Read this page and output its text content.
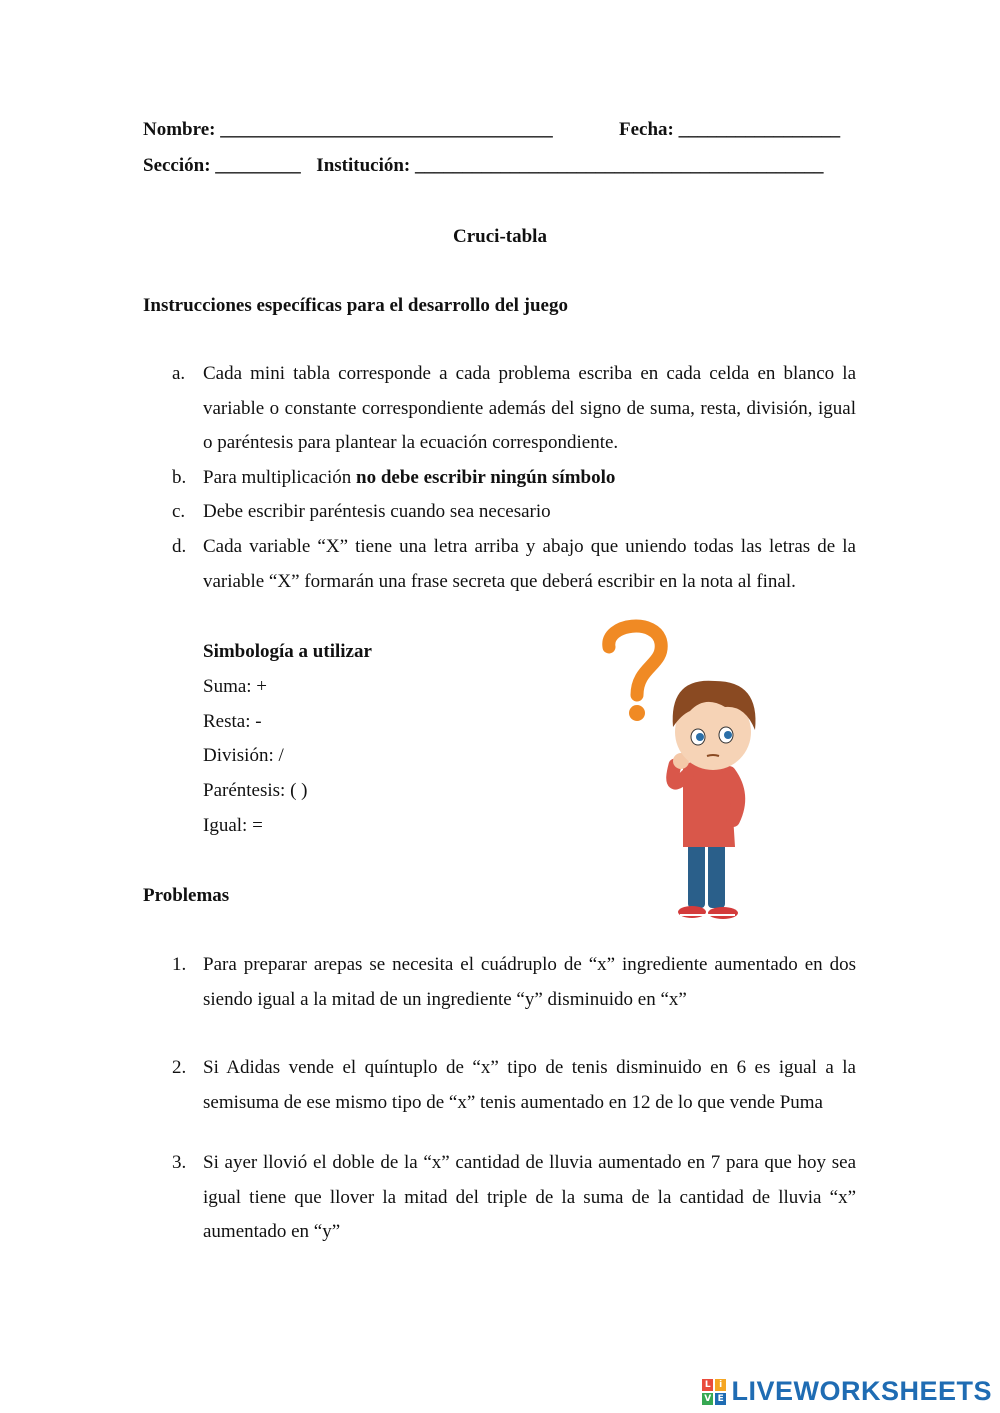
Nombre: ___________________________________	Fecha: _________________
Sección: _________ Institución: ___________________________________________
Cruci-tabla
Instrucciones específicas para el desarrollo del juego
a. Cada mini tabla corresponde a cada problema escriba en cada celda en blanco la variable o constante correspondiente además del signo de suma, resta, división, igual o paréntesis para plantear la ecuación correspondiente.
b. Para multiplicación no debe escribir ningún símbolo
c. Debe escribir paréntesis cuando sea necesario
d. Cada variable “X” tiene una letra arriba y abajo que uniendo todas las letras de la variable “X” formarán una frase secreta que deberá escribir en la nota al final.
Simbología a utilizar
Suma: +
Resta: -
División: /
Paréntesis: ( )
Igual: =
Problemas
1. Para preparar arepas se necesita el cuádruplo de “x” ingrediente aumentado en dos siendo igual a la mitad de un ingrediente “y” disminuido en “x”
2. Si Adidas vende el quíntuplo de “x” tipo de tenis disminuido en 6 es igual a la semisuma de ese mismo tipo de “x” tenis aumentado en 12 de lo que vende Puma
3. Si ayer llovió el doble de la “x” cantidad de lluvia aumentado en 7 para que hoy sea igual tiene que llover la mitad del triple de la suma de la cantidad de lluvia “x” aumentado en “y”
L i
V E LIVEWORKSHEETS
